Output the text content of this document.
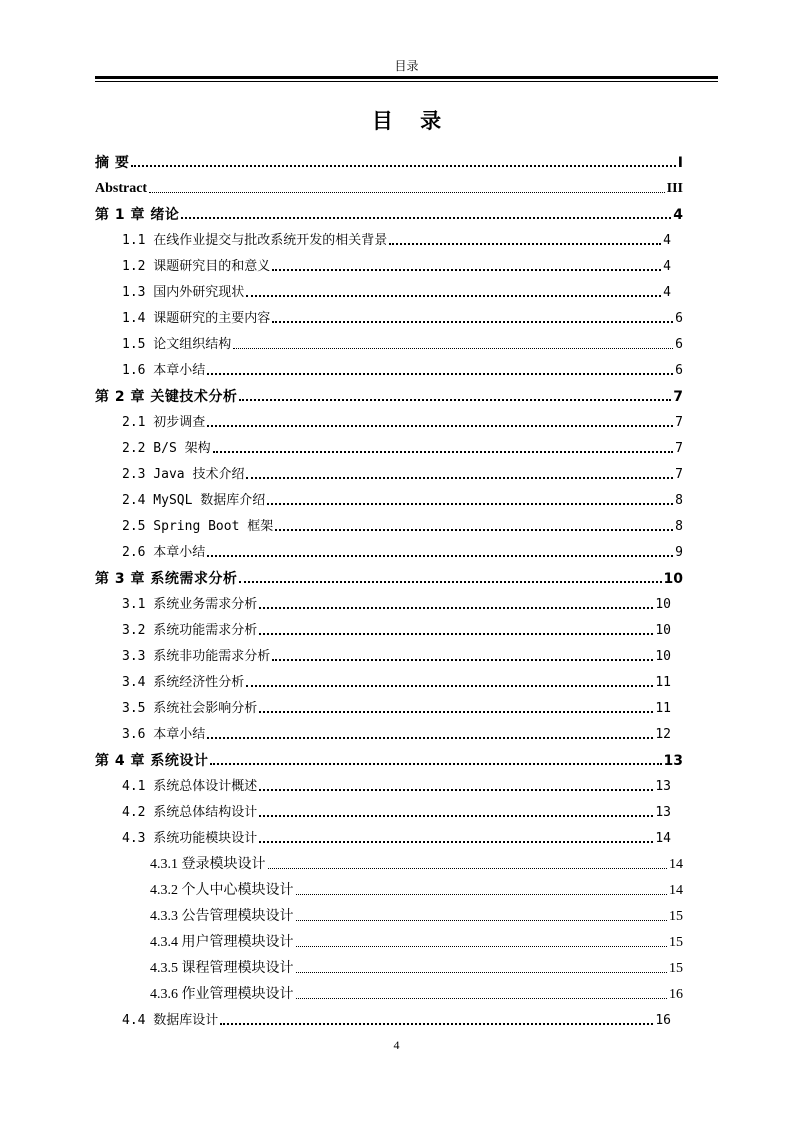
目录
目 录
摘 要	I
Abstract	III
第 1 章 绪论	4
1.1 在线作业提交与批改系统开发的相关背景	4
1.2 课题研究目的和意义	4
1.3 国内外研究现状	4
1.4 课题研究的主要内容	6
1.5 论文组织结构	6
1.6 本章小结	6
第 2 章 关键技术分析	7
2.1 初步调查	7
2.2 B/S 架构	7
2.3 Java 技术介绍	7
2.4 MySQL 数据库介绍	8
2.5 Spring Boot 框架	8
2.6 本章小结	9
第 3 章 系统需求分析	10
3.1 系统业务需求分析	10
3.2 系统功能需求分析	10
3.3 系统非功能需求分析	10
3.4 系统经济性分析	11
3.5 系统社会影响分析	11
3.6 本章小结	12
第 4 章 系统设计	13
4.1 系统总体设计概述	13
4.2 系统总体结构设计	13
4.3 系统功能模块设计	14
4.3.1 登录模块设计	14
4.3.2 个人中心模块设计	14
4.3.3 公告管理模块设计	15
4.3.4 用户管理模块设计	15
4.3.5 课程管理模块设计	15
4.3.6 作业管理模块设计	16
4.4 数据库设计	16
4
